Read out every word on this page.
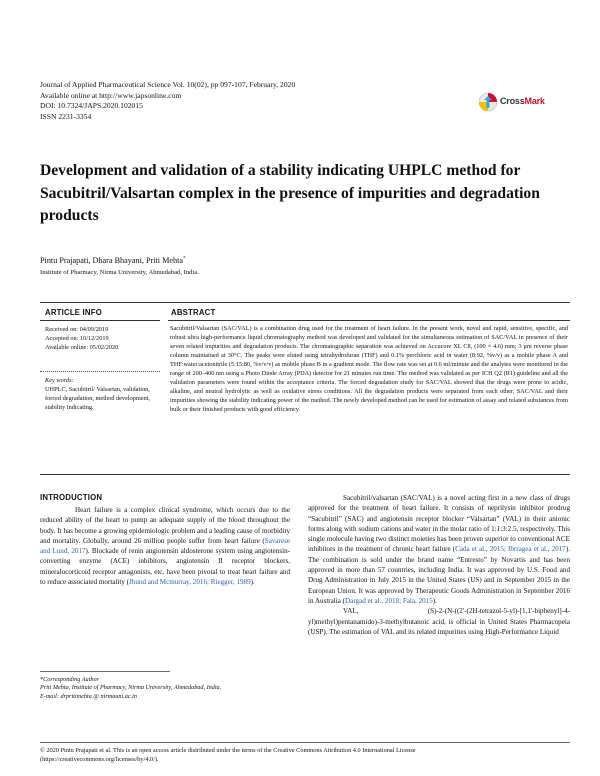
Journal of Applied Pharmaceutical Science Vol. 10(02), pp 097-107, February, 2020
Available online at http://www.japsonline.com
DOI: 10.7324/JAPS.2020.102015
ISSN 2231-3354
CrossMark
Development and validation of a stability indicating UHPLC method for Sacubitril/Valsartan complex in the presence of impurities and degradation products
Pintu Prajapati, Dhara Bhayani, Priti Mehta*
Institute of Pharmacy, Nirma University, Ahmedabad, India.
ARTICLE INFO	ABSTRACT
Received on: 04/09/2019
Accepted on: 10/12/2019
Available online: 05/02/2020
Key words:
UHPLC, Sacubitril/ Valsartan, validation, forced degradation, method development, stability indicating.
Sacubitril/Valsartan (SAC/VAL) is a combination drug used for the treatment of heart failure. In the present work, novel and rapid, sensitive, specific, and robust ultra high-performance liquid chromatography method was developed and validated for the simultaneous estimation of SAC/VAL in presence of their seven related impurities and degradation products. The chromatographic separation was achieved on Accucore XL C8, (100 × 4.6) mm; 3 μm reverse phase column maintained at 30°C. The peaks were eluted using tetrahydrofuran (THF) and 0.1% perchloric acid in water (8:92, %v/v) as a mobile phase A and THF:water:acetonitrile (5:15:80, %v/v/v) as mobile phase B in a gradient mode. The flow rate was set at 0.6 ml/minute and the analytes were monitored in the range of 200–400 nm using a Photo Diode Array (PDA) detector for 21 minutes run time. The method was validated as per ICH Q2 (R1) guideline and all the validation parameters were found within the acceptance criteria. The forced degradation study for SAC/VAL showed that the drugs were prone to acidic, alkaline, and neutral hydrolytic as well as oxidative stress conditions. All the degradation products were separated from each other, SAC/VAL and their impurities showing the stability indicating power of the method. The newly developed method can be used for estimation of assay and related substances from bulk or their finished products with good efficiency.
INTRODUCTION

Heart failure is a complex clinical syndrome, which occurs due to the reduced ability of the heart to pump an adequate supply of the blood throughout the body. It has become a growing epidemiologic problem and a leading cause of morbidity and mortality. Globally, around 26 million people suffer from heart failure (Savarese and Lund, 2017). Blockade of renin angiotensin aldosterone system using angiotensin-converting enzyme (ACE) inhibitors, angiotensin II receptor blockers, mineralocorticoid receptor antagonists, etc. have been pivotal to treat heart failure and to reduce associated mortality (Jhund and Mcmurray, 2016; Riegger, 1989).

Sacubitril/valsartan (SAC/VAL) is a novel acting first in a new class of drugs approved for the treatment of heart failure. It consists of neprilysin inhibitor prodrug “Sacubitril” (SAC) and angiotensin receptor blocker “Valsartan” (VAL) in their anionic forms along with sodium cations and water in the molar ratio of 1:1:3:2.5, respectively. This single molecule having two distinct moieties has been proven superior to conventional ACE inhibitors in the treatment of chronic heart failure (Cada et al., 2015; Ibrragea et al., 2017). The combination is sold under the brand name “Entresto” by Novartis and has been approved in more than 57 countries, including India. It was approved by U.S. Food and Drug Administration in July 2015 in the United States (US) and in September 2015 in the European Union. It was approved by Therapeutic Goods Administration in September 2016 in Australia (Dargad et al., 2018; Fala, 2015).

VAL, (S)-2-(N-((2'-(2H-tetrazol-5-yl)-[1,1'-biphenyl]-4-yl)methyl)pentanamido)-3-methylbutanoic acid, is official in United States Pharmacopeia (USP). The estimation of VAL and its related impurities using High-Performance Liquid

*Corresponding Author
Priti Mehta, Institute of Pharmacy, Nirma University, Ahmedabad, India.
E-mail: drpritimehta @ nirmauni.ac.in
© 2020 Pintu Prajapati et al. This is an open access article distributed under the terms of the Creative Commons Attribution 4.0 International License
(https://creativecommons.org/licenses/by/4.0/).
